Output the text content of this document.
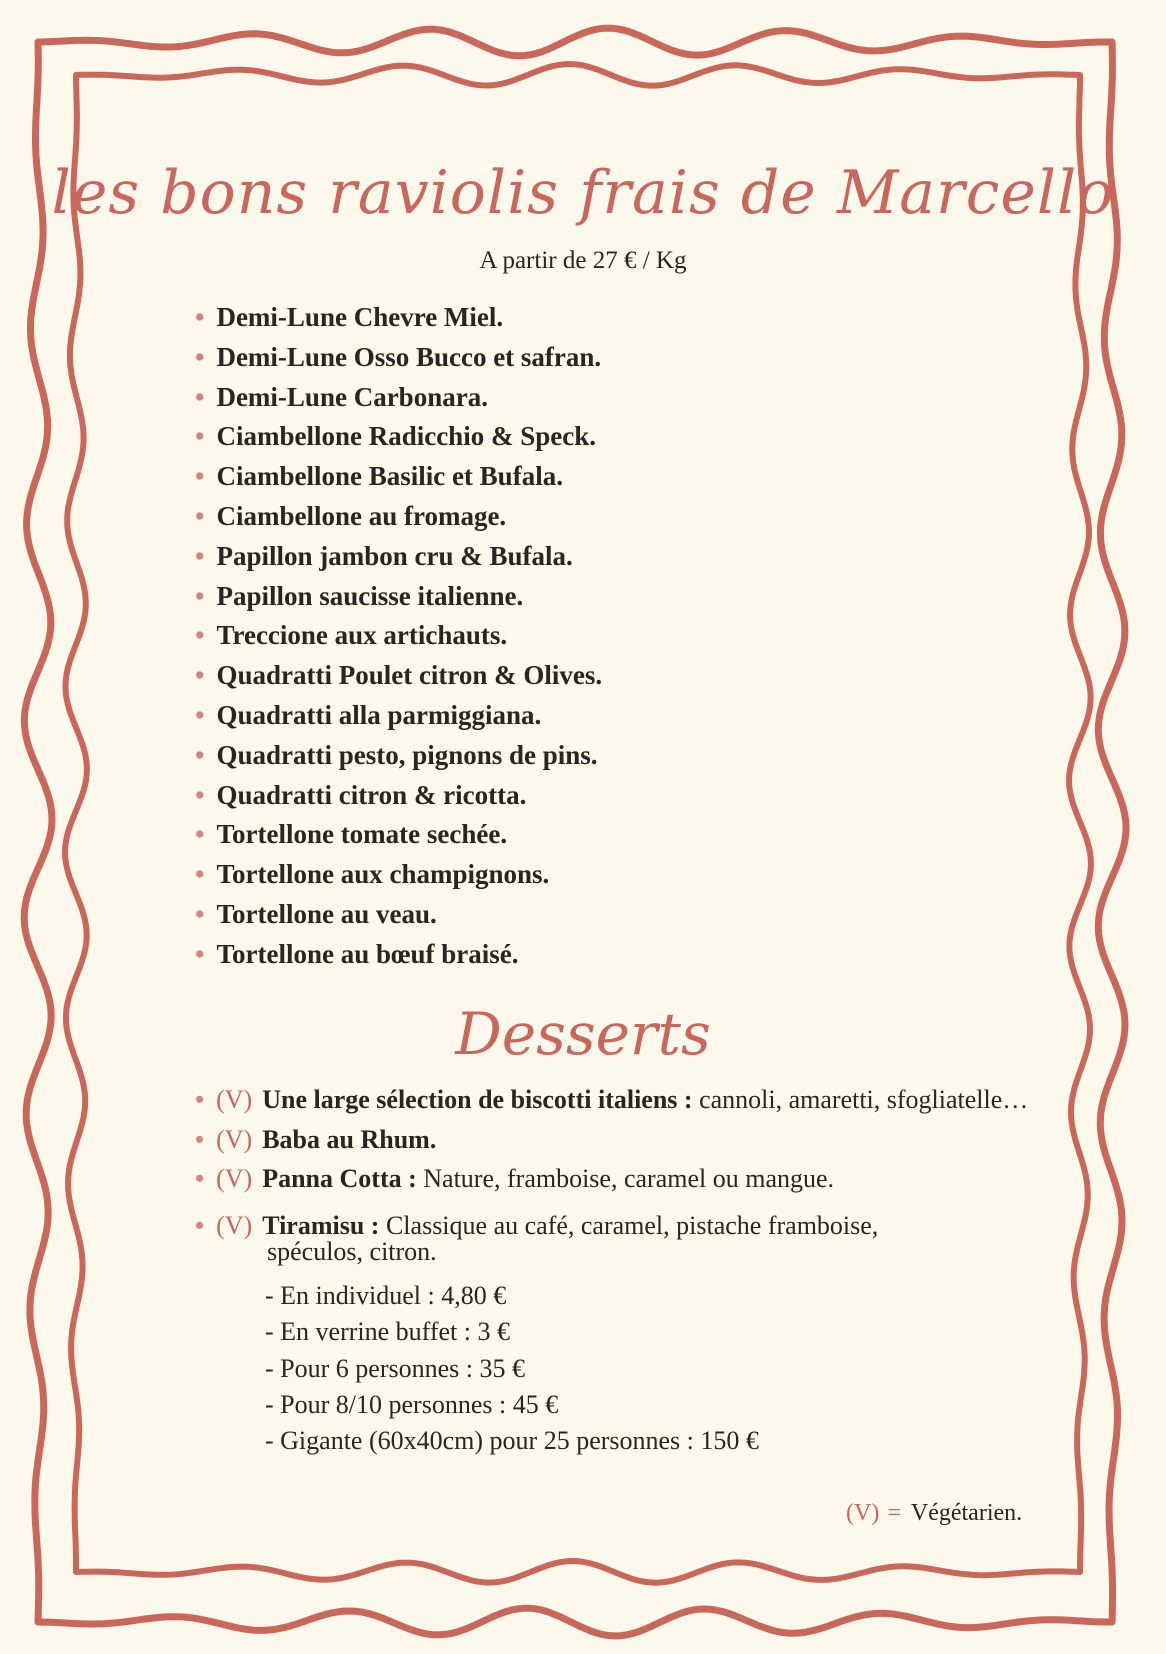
les bons raviolis frais de Marcello
A partir de 27 € / Kg
• Demi-Lune Chevre Miel.
• Demi-Lune Osso Bucco et safran.
• Demi-Lune Carbonara.
• Ciambellone Radicchio & Speck.
• Ciambellone Basilic et Bufala.
• Ciambellone au fromage.
• Papillon jambon cru & Bufala.
• Papillon saucisse italienne.
• Treccione aux artichauts.
• Quadratti Poulet citron & Olives.
• Quadratti alla parmiggiana.
• Quadratti pesto, pignons de pins.
• Quadratti citron & ricotta.
• Tortellone tomate sechée.
• Tortellone aux champignons.
• Tortellone au veau.
• Tortellone au bœuf braisé.
Desserts
• (V) Une large sélection de biscotti italiens : cannoli, amaretti, sfogliatelle…
• (V) Baba au Rhum.
• (V) Panna Cotta : Nature, framboise, caramel ou mangue.
• (V) Tiramisu : Classique au café, caramel, pistache framboise,
spéculos, citron.
- En individuel : 4,80 €
- En verrine buffet : 3 €
- Pour 6 personnes : 35 €
- Pour 8/10 personnes : 45 €
- Gigante (60x40cm) pour 25 personnes : 150 €
(V) = Végétarien.
